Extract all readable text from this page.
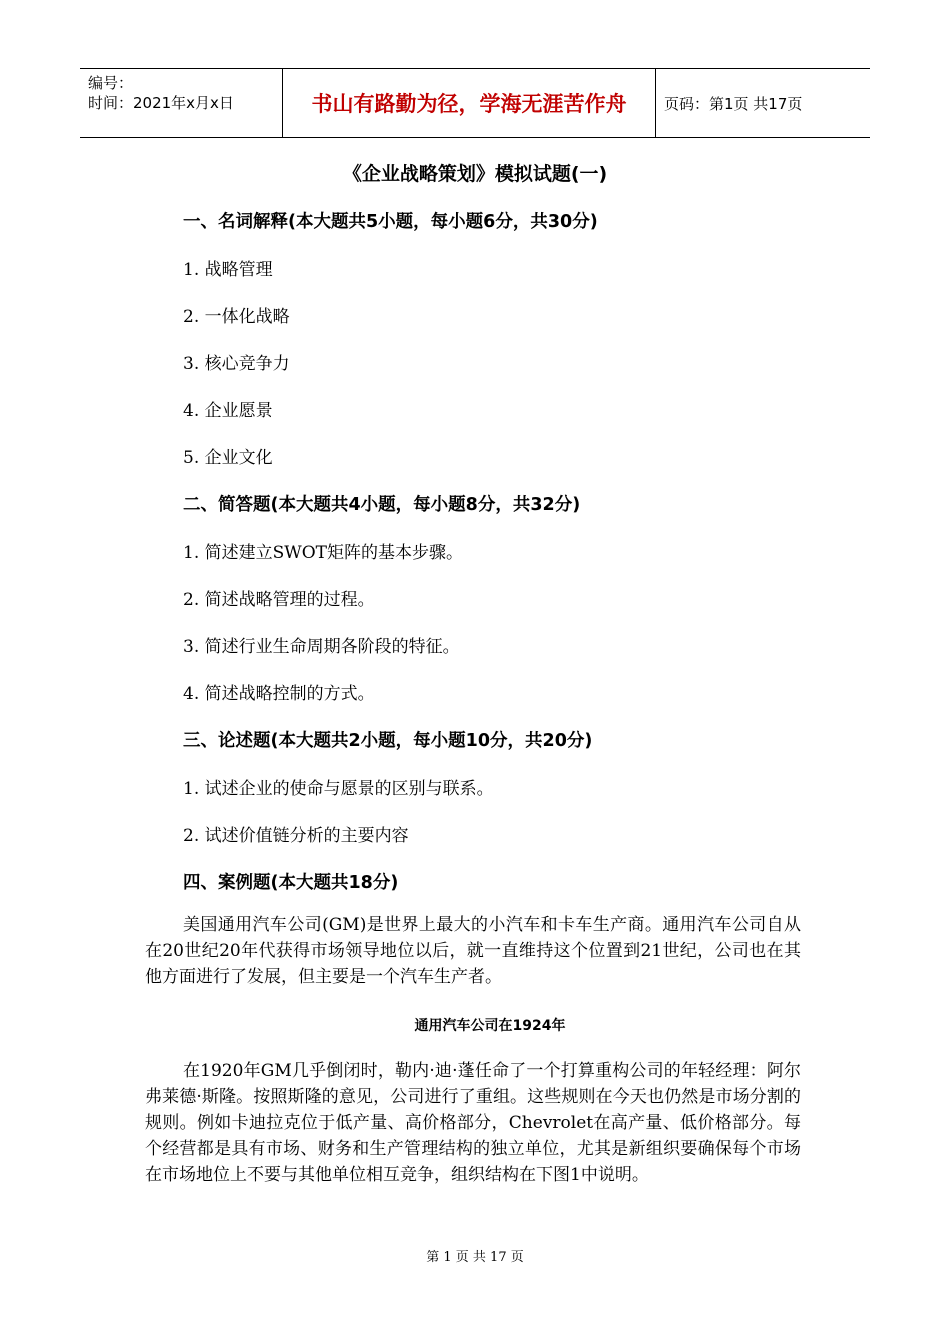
编号：
时间：2021年x月x日	书山有路勤为径，学海无涯苦作舟	页码：第1页 共17页
《企业战略策划》模拟试题(一)
一、名词解释(本大题共5小题，每小题6分，共30分)
1. 战略管理
2. 一体化战略
3. 核心竞争力
4. 企业愿景
5. 企业文化
二、简答题(本大题共4小题，每小题8分，共32分)
1. 简述建立SWOT矩阵的基本步骤。
2. 简述战略管理的过程。
3. 简述行业生命周期各阶段的特征。
4. 简述战略控制的方式。
三、论述题(本大题共2小题，每小题10分，共20分)
1. 试述企业的使命与愿景的区别与联系。
2. 试述价值链分析的主要内容
四、案例题(本大题共18分)
美国通用汽车公司(GM)是世界上最大的小汽车和卡车生产商。通用汽车公司自从在20世纪20年代获得市场领导地位以后，就一直维持这个位置到21世纪，公司也在其他方面进行了发展，但主要是一个汽车生产者。
通用汽车公司在1924年
在1920年GM几乎倒闭时，勒内·迪·蓬任命了一个打算重构公司的年轻经理：阿尔弗莱德·斯隆。按照斯隆的意见，公司进行了重组。这些规则在今天也仍然是市场分割的规则。例如卡迪拉克位于低产量、高价格部分，Chevrolet在高产量、低价格部分。每个经营都是具有市场、财务和生产管理结构的独立单位，尤其是新组织要确保每个市场在市场地位上不要与其他单位相互竞争，组织结构在下图1中说明。
第 1 页 共 17 页
